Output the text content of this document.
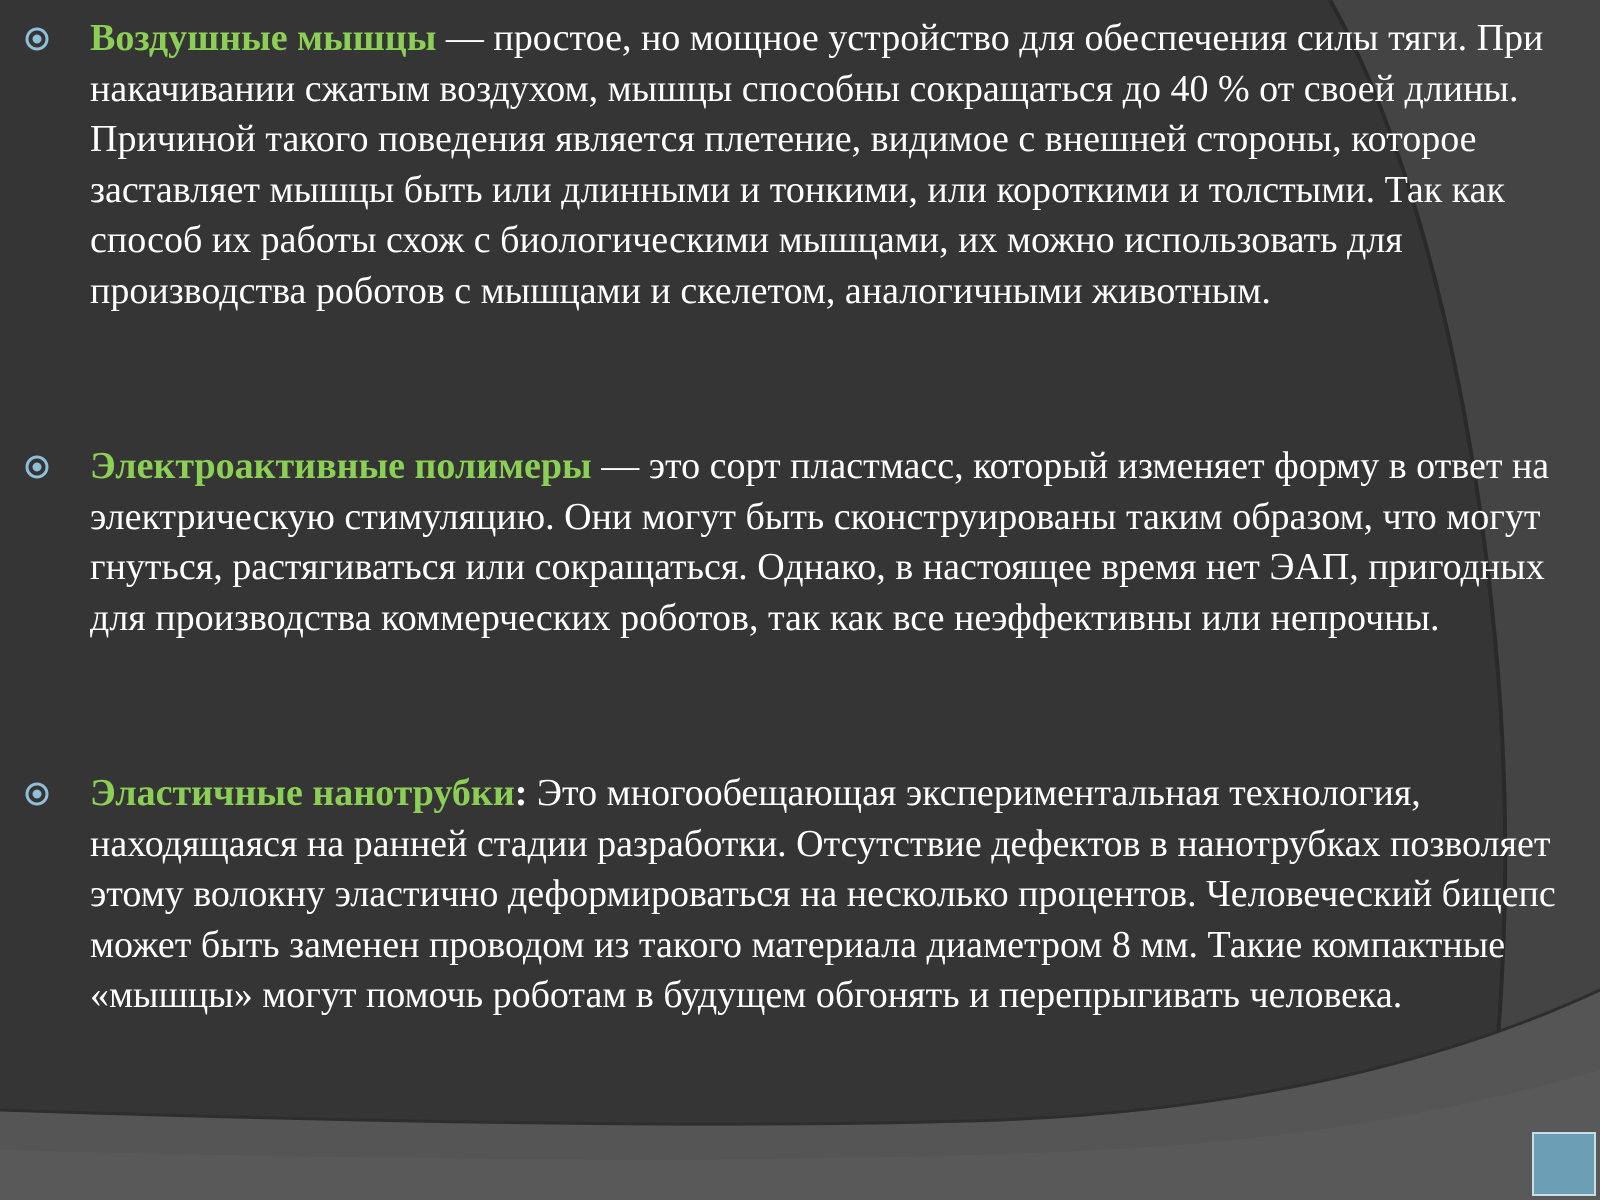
Воздушные мышцы — простое, но мощное устройство для обеспечения силы тяги. При накачивании сжатым воздухом, мышцы способны сокращаться до 40 % от своей длины. Причиной такого поведения является плетение, видимое с внешней стороны, которое заставляет мышцы быть или длинными и тонкими, или короткими и толстыми. Так как способ их работы схож с биологическими мышцами, их можно использовать для производства роботов с мышцами и скелетом, аналогичными животным.

Электроактивные полимеры — это сорт пластмасс, который изменяет форму в ответ на электрическую стимуляцию. Они могут быть сконструированы таким образом, что могут гнуться, растягиваться или сокращаться. Однако, в настоящее время нет ЭАП, пригодных для производства коммерческих роботов, так как все неэффективны или непрочны.

Эластичные нанотрубки: Это многообещающая экспериментальная технология, находящаяся на ранней стадии разработки. Отсутствие дефектов в нанотрубках позволяет этому волокну эластично деформироваться на несколько процентов. Человеческий бицепс может быть заменен проводом из такого материала диаметром 8 мм. Такие компактные «мышцы» могут помочь роботам в будущем обгонять и перепрыгивать человека.
